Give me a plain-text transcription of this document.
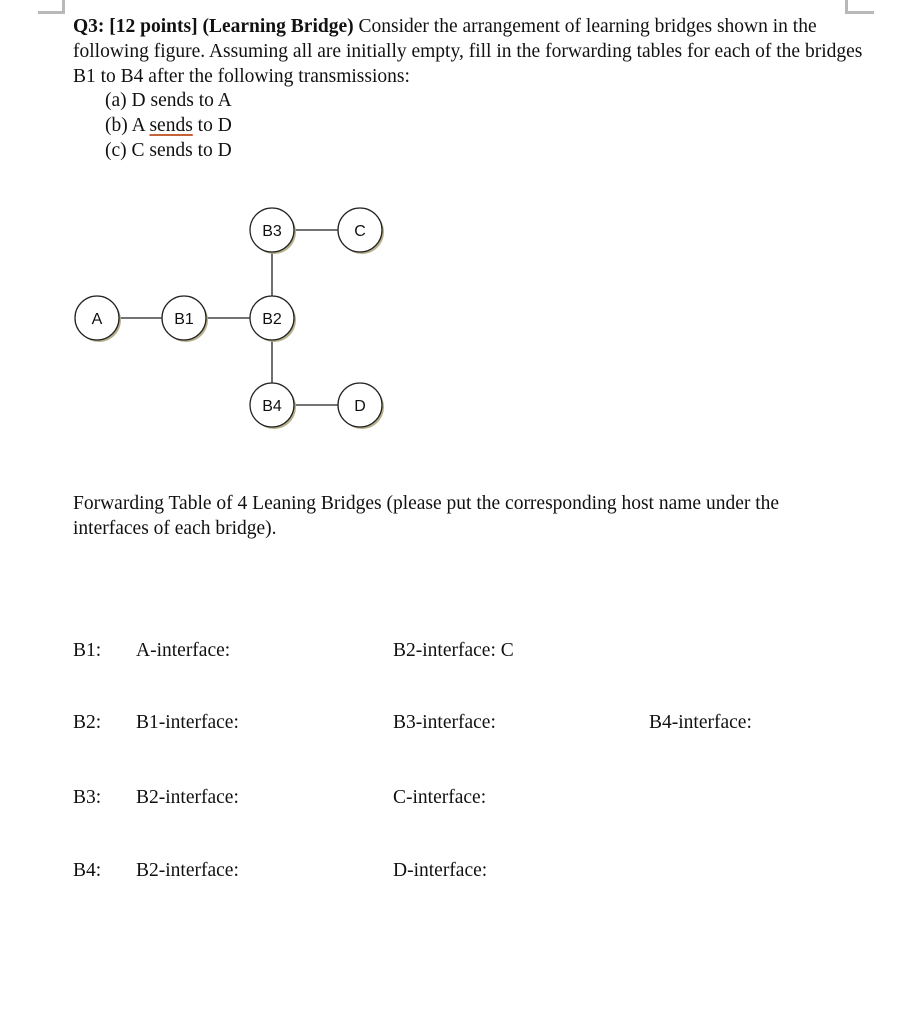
Q3: [12 points] (Learning Bridge) Consider the arrangement of learning bridges shown in the following figure. Assuming all are initially empty, fill in the forwarding tables for each of the bridges B1 to B4 after the following transmissions:
(a) D sends to A
(b) A sends to D
(c) C sends to D
B3	C
A	B1	B2
B4	D
Forwarding Table of 4 Leaning Bridges (please put the corresponding host name under the interfaces of each bridge).
B1: A-interface:	B2-interface: C
B2: B1-interface:	B3-interface:	B4-interface:
B3: B2-interface:	C-interface:
B4: B2-interface:	D-interface:
